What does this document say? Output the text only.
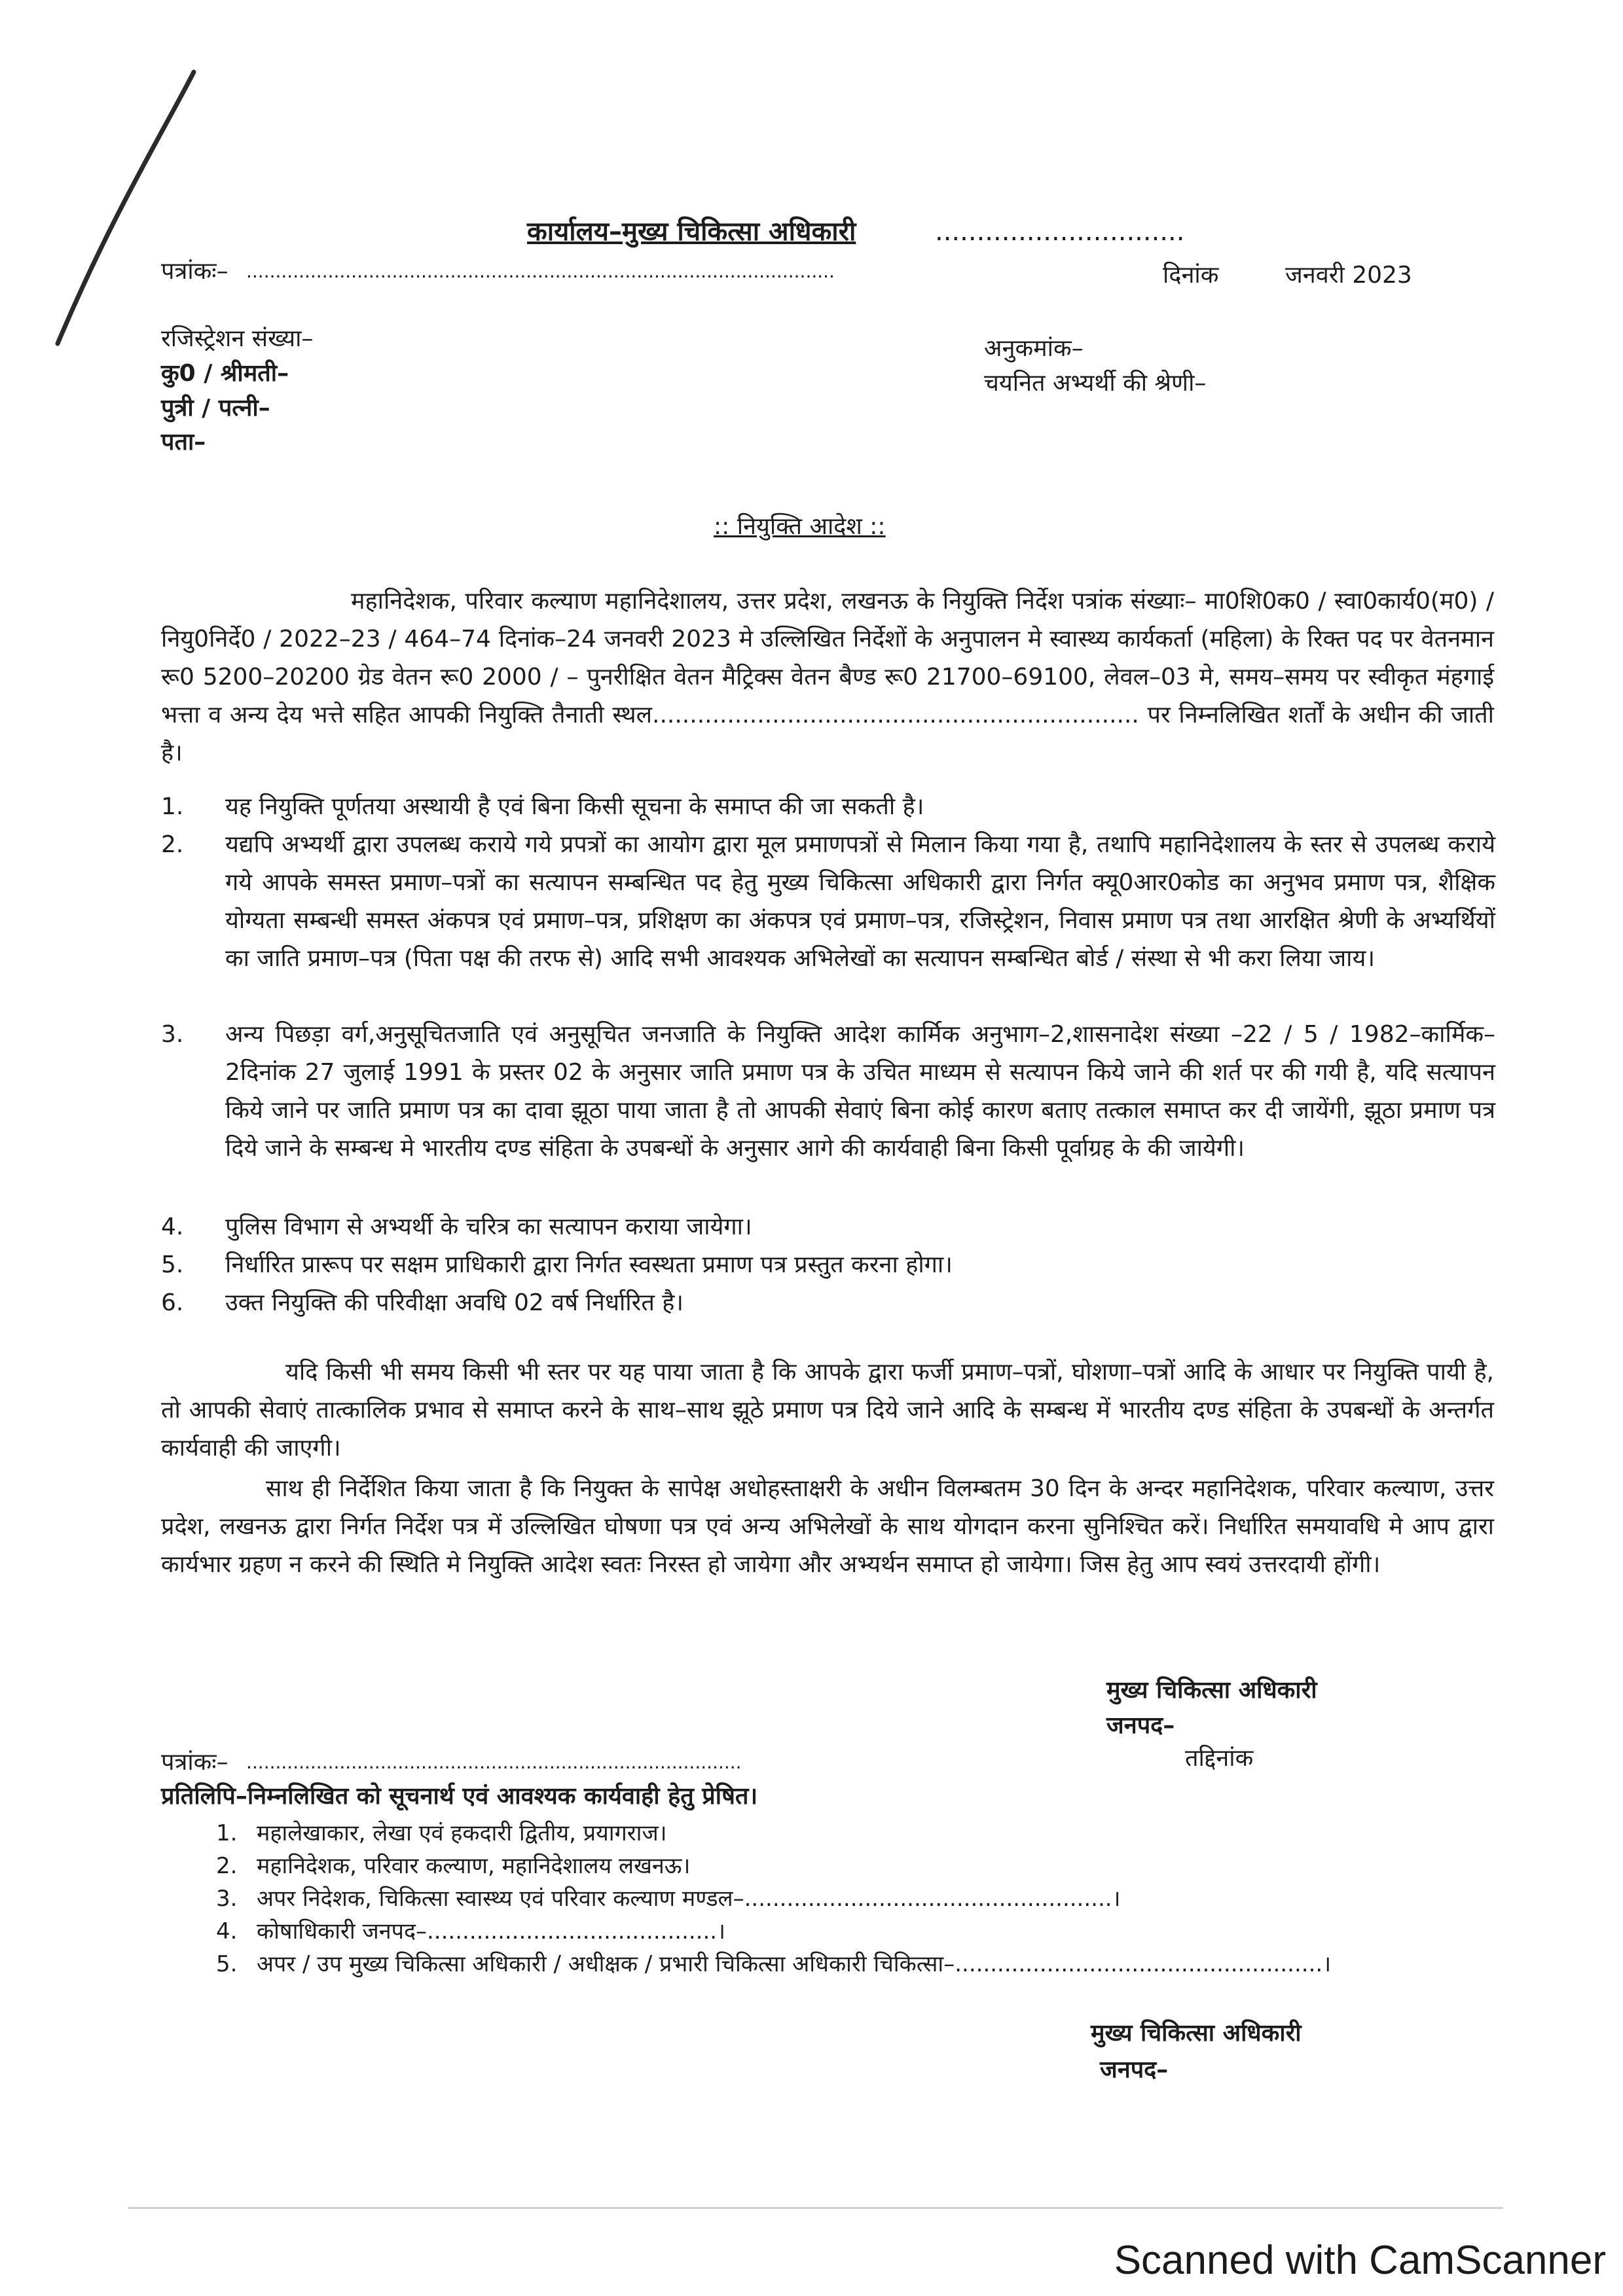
कार्यालय–मुख्य चिकित्सा अधिकारी	..............................
पत्रांकः– .....................................................................................................	दिनांक	जनवरी 2023
रजिस्ट्रेशन संख्या–
कु0 / श्रीमती–
पुत्री / पत्नी–
पता–
अनुकमांक–
चयनित अभ्यर्थी की श्रेणी–
:: नियुक्ति आदेश ::
महानिदेशक, परिवार कल्याण महानिदेशालय, उत्तर प्रदेश, लखनऊ के नियुक्ति निर्देश पत्रांक संख्याः– मा0शि0क0 / स्वा0कार्य0(म0) / नियु0निर्दे0 / 2022–23 / 464–74 दिनांक–24 जनवरी 2023 मे उल्लिखित निर्देशों के अनुपालन मे स्वास्थ्य कार्यकर्ता (महिला) के रिक्त पद पर वेतनमान रू0 5200–20200 ग्रेड वेतन रू0 2000 / – पुनरीक्षित वेतन मैट्रिक्स वेतन बैण्ड रू0 21700–69100, लेवल–03 मे, समय–समय पर स्वीकृत मंहगाई भत्ता व अन्य देय भत्ते सहित आपकी नियुक्ति तैनाती स्थल................................................................. पर निम्नलिखित शर्तों के अधीन की जाती है।
1. यह नियुक्ति पूर्णतया अस्थायी है एवं बिना किसी सूचना के समाप्त की जा सकती है।
2. यद्यपि अभ्यर्थी द्वारा उपलब्ध कराये गये प्रपत्रों का आयोग द्वारा मूल प्रमाणपत्रों से मिलान किया गया है, तथापि महानिदेशालय के स्तर से उपलब्ध कराये गये आपके समस्त प्रमाण–पत्रों का सत्यापन सम्बन्धित पद हेतु मुख्य चिकित्सा अधिकारी द्वारा निर्गत क्यू0आर0कोड का अनुभव प्रमाण पत्र, शैक्षिक योग्यता सम्बन्धी समस्त अंकपत्र एवं प्रमाण–पत्र, प्रशिक्षण का अंकपत्र एवं प्रमाण–पत्र, रजिस्ट्रेशन, निवास प्रमाण पत्र तथा आरक्षित श्रेणी के अभ्यर्थियों का जाति प्रमाण–पत्र (पिता पक्ष की तरफ से) आदि सभी आवश्यक अभिलेखों का सत्यापन सम्बन्धित बोर्ड / संस्था से भी करा लिया जाय।
3. अन्य पिछड़ा वर्ग,अनुसूचितजाति एवं अनुसूचित जनजाति के नियुक्ति आदेश कार्मिक अनुभाग–2,शासनादेश संख्या –22 / 5 / 1982–कार्मिक–2दिनांक 27 जुलाई 1991 के प्रस्तर 02 के अनुसार जाति प्रमाण पत्र के उचित माध्यम से सत्यापन किये जाने की शर्त पर की गयी है, यदि सत्यापन किये जाने पर जाति प्रमाण पत्र का दावा झूठा पाया जाता है तो आपकी सेवाएं बिना कोई कारण बताए तत्काल समाप्त कर दी जायेंगी, झूठा प्रमाण पत्र दिये जाने के सम्बन्ध मे भारतीय दण्ड संहिता के उपबन्धों के अनुसार आगे की कार्यवाही बिना किसी पूर्वाग्रह के की जायेगी।
4. पुलिस विभाग से अभ्यर्थी के चरित्र का सत्यापन कराया जायेगा।
5. निर्धारित प्रारूप पर सक्षम प्राधिकारी द्वारा निर्गत स्वस्थता प्रमाण पत्र प्रस्तुत करना होगा।
6. उक्त नियुक्ति की परिवीक्षा अवधि 02 वर्ष निर्धारित है।
यदि किसी भी समय किसी भी स्तर पर यह पाया जाता है कि आपके द्वारा फर्जी प्रमाण–पत्रों, घोशणा–पत्रों आदि के आधार पर नियुक्ति पायी है, तो आपकी सेवाएं तात्कालिक प्रभाव से समाप्त करने के साथ–साथ झूठे प्रमाण पत्र दिये जाने आदि के सम्बन्ध में भारतीय दण्ड संहिता के उपबन्धों के अन्तर्गत कार्यवाही की जाएगी।
साथ ही निर्देशित किया जाता है कि नियुक्त के सापेक्ष अधोहस्ताक्षरी के अधीन विलम्बतम 30 दिन के अन्दर महानिदेशक, परिवार कल्याण, उत्तर प्रदेश, लखनऊ द्वारा निर्गत निर्देश पत्र में उल्लिखित घोषणा पत्र एवं अन्य अभिलेखों के साथ योगदान करना सुनिश्चित करें। निर्धारित समयावधि मे आप द्वारा कार्यभार ग्रहण न करने की स्थिति मे नियुक्ति आदेश स्वतः निरस्त हो जायेगा और अभ्यर्थन समाप्त हो जायेगा। जिस हेतु आप स्वयं उत्तरदायी होंगी।
मुख्य चिकित्सा अधिकारी
जनपद–
पत्रांकः– .....................................................................................	तद्दिनांक
प्रतिलिपि–निम्नलिखित को सूचनार्थ एवं आवश्यक कार्यवाही हेतु प्रेषित।
1. महालेखाकार, लेखा एवं हकदारी द्वितीय, प्रयागराज।
2. महानिदेशक, परिवार कल्याण, महानिदेशालय लखनऊ।
3. अपर निदेशक, चिकित्सा स्वास्थ्य एवं परिवार कल्याण मण्डल–....................................................।
4. कोषाधिकारी जनपद–.........................................।
5. अपर / उप मुख्य चिकित्सा अधिकारी / अधीक्षक / प्रभारी चिकित्सा अधिकारी चिकित्सा–....................................................।
मुख्य चिकित्सा अधिकारी
जनपद–
Scanned with CamScanner
